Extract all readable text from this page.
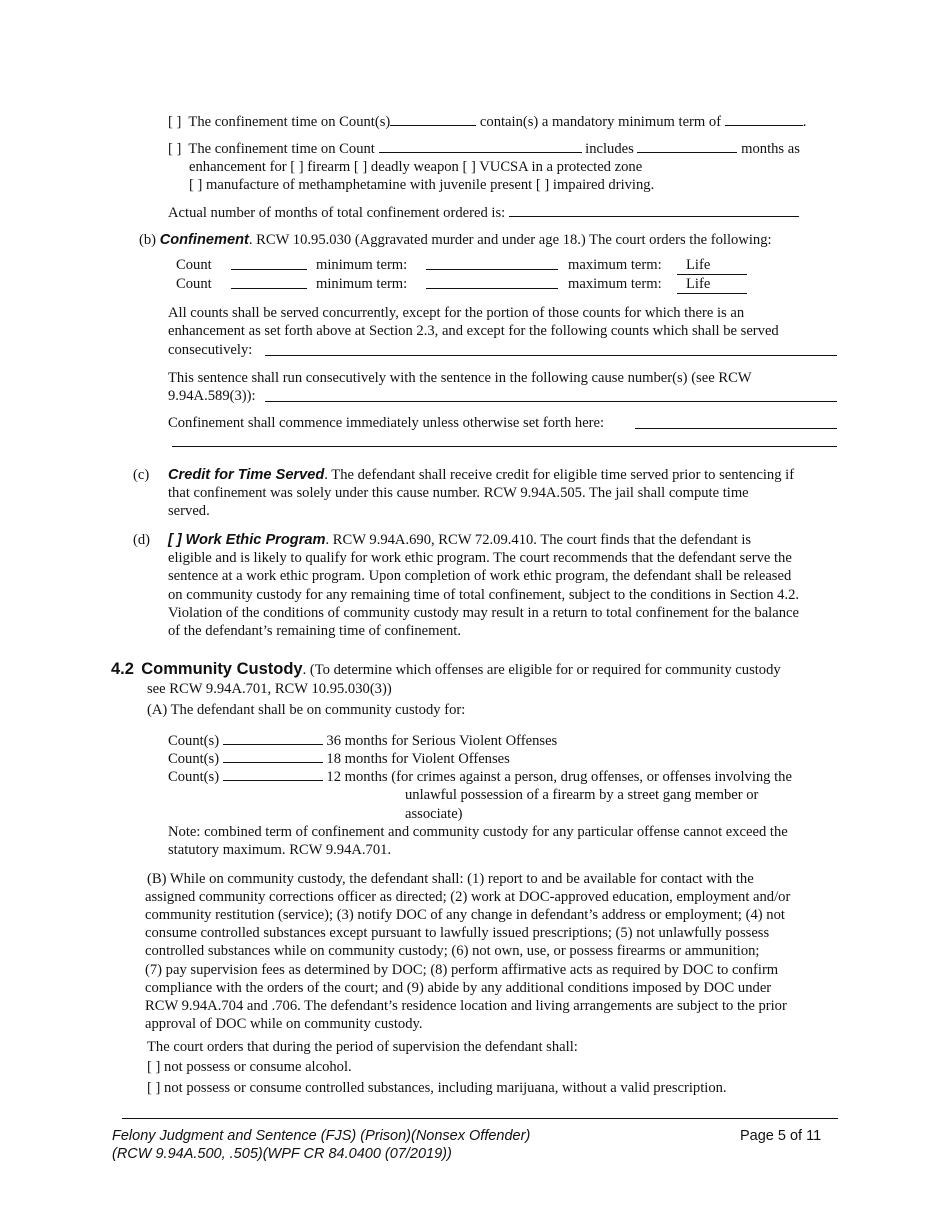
[ ] The confinement time on Count(s)	contain(s) a mandatory minimum term of	.
[ ] The confinement time on Count	includes	months as
enhancement for [ ] firearm [ ] deadly weapon [ ] VUCSA in a protected zone
[ ] manufacture of methamphetamine with juvenile present [ ] impaired driving.
Actual number of months of total confinement ordered is:
(b) Confinement. RCW 10.95.030 (Aggravated murder and under age 18.) The court orders the following:
Count	minimum term:	maximum term:	Life
Count	minimum term:	maximum term:	Life
All counts shall be served concurrently, except for the portion of those counts for which there is an
enhancement as set forth above at Section 2.3, and except for the following counts which shall be served
consecutively:
This sentence shall run consecutively with the sentence in the following cause number(s) (see RCW
9.94A.589(3)):
Confinement shall commence immediately unless otherwise set forth here:
(c) Credit for Time Served. The defendant shall receive credit for eligible time served prior to sentencing if
that confinement was solely under this cause number. RCW 9.94A.505. The jail shall compute time
served.
(d) [ ] Work Ethic Program. RCW 9.94A.690, RCW 72.09.410. The court finds that the defendant is
eligible and is likely to qualify for work ethic program. The court recommends that the defendant serve the
sentence at a work ethic program. Upon completion of work ethic program, the defendant shall be released
on community custody for any remaining time of total confinement, subject to the conditions in Section 4.2.
Violation of the conditions of community custody may result in a return to total confinement for the balance
of the defendant’s remaining time of confinement.
4.2 Community Custody. (To determine which offenses are eligible for or required for community custody
see RCW 9.94A.701, RCW 10.95.030(3))
(A) The defendant shall be on community custody for:
Count(s)	36 months for Serious Violent Offenses
Count(s)	18 months for Violent Offenses
Count(s)	12 months (for crimes against a person, drug offenses, or offenses involving the
unlawful possession of a firearm by a street gang member or
associate)
Note: combined term of confinement and community custody for any particular offense cannot exceed the
statutory maximum. RCW 9.94A.701.
(B) While on community custody, the defendant shall: (1) report to and be available for contact with the
assigned community corrections officer as directed; (2) work at DOC-approved education, employment and/or
community restitution (service); (3) notify DOC of any change in defendant’s address or employment; (4) not
consume controlled substances except pursuant to lawfully issued prescriptions; (5) not unlawfully possess
controlled substances while on community custody; (6) not own, use, or possess firearms or ammunition;
(7) pay supervision fees as determined by DOC; (8) perform affirmative acts as required by DOC to confirm
compliance with the orders of the court; and (9) abide by any additional conditions imposed by DOC under
RCW 9.94A.704 and .706. The defendant’s residence location and living arrangements are subject to the prior
approval of DOC while on community custody.
The court orders that during the period of supervision the defendant shall:
[ ] not possess or consume alcohol.
[ ] not possess or consume controlled substances, including marijuana, without a valid prescription.
Felony Judgment and Sentence (FJS) (Prison)(Nonsex Offender)
(RCW 9.94A.500, .505)(WPF CR 84.0400 (07/2019))
Page 5 of 11
